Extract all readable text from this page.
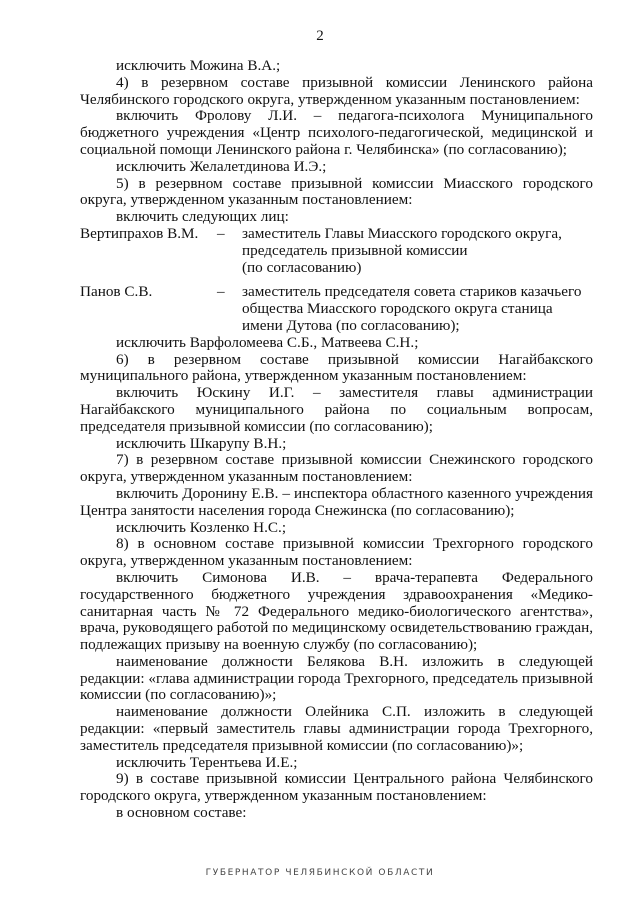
2

исключить Можина В.А.;

4) в резервном составе призывной комиссии Ленинского района Челябинского городского округа, утвержденном указанным постановлением:

включить Фролову Л.И. – педагога-психолога Муниципального бюджетного учреждения «Центр психолого-педагогической, медицинской и социальной помощи Ленинского района г. Челябинска» (по согласованию);

исключить Желалетдинова И.Э.;

5) в резервном составе призывной комиссии Миасского городского округа, утвержденном указанным постановлением:

включить следующих лиц:

Вертипрахов В.М.	–	заместитель Главы Миасского городского округа,
председатель призывной комиссии
(по согласованию)
Панов С.В.	–	заместитель председателя совета стариков казачьего
общества Миасского городского округа станица
имени Дутова (по согласованию);

исключить Варфоломеева С.Б., Матвеева С.Н.;

6) в резервном составе призывной комиссии Нагайбакского муниципального района, утвержденном указанным постановлением:

включить Юскину И.Г. – заместителя главы администрации Нагайбакского муниципального района по социальным вопросам, председателя призывной комиссии (по согласованию);

исключить Шкарупу В.Н.;

7) в резервном составе призывной комиссии Снежинского городского округа, утвержденном указанным постановлением:

включить Доронину Е.В. – инспектора областного казенного учреждения Центра занятости населения города Снежинска (по согласованию);

исключить Козленко Н.С.;

8) в основном составе призывной комиссии Трехгорного городского округа, утвержденном указанным постановлением:

включить Симонова И.В. – врача-терапевта Федерального государственного бюджетного учреждения здравоохранения «Медико-санитарная часть № 72 Федерального медико-биологического агентства», врача, руководящего работой по медицинскому освидетельствованию граждан, подлежащих призыву на военную службу (по согласованию);

наименование должности Белякова В.Н. изложить в следующей редакции: «глава администрации города Трехгорного, председатель призывной комиссии (по согласованию)»;

наименование должности Олейника С.П. изложить в следующей редакции: «первый заместитель главы администрации города Трехгорного, заместитель председателя призывной комиссии (по согласованию)»;

исключить Терентьева И.Е.;

9) в составе призывной комиссии Центрального района Челябинского городского округа, утвержденном указанным постановлением:

в основном составе:

ГУБЕРНАТОР ЧЕЛЯБИНСКОЙ ОБЛАСТИ
